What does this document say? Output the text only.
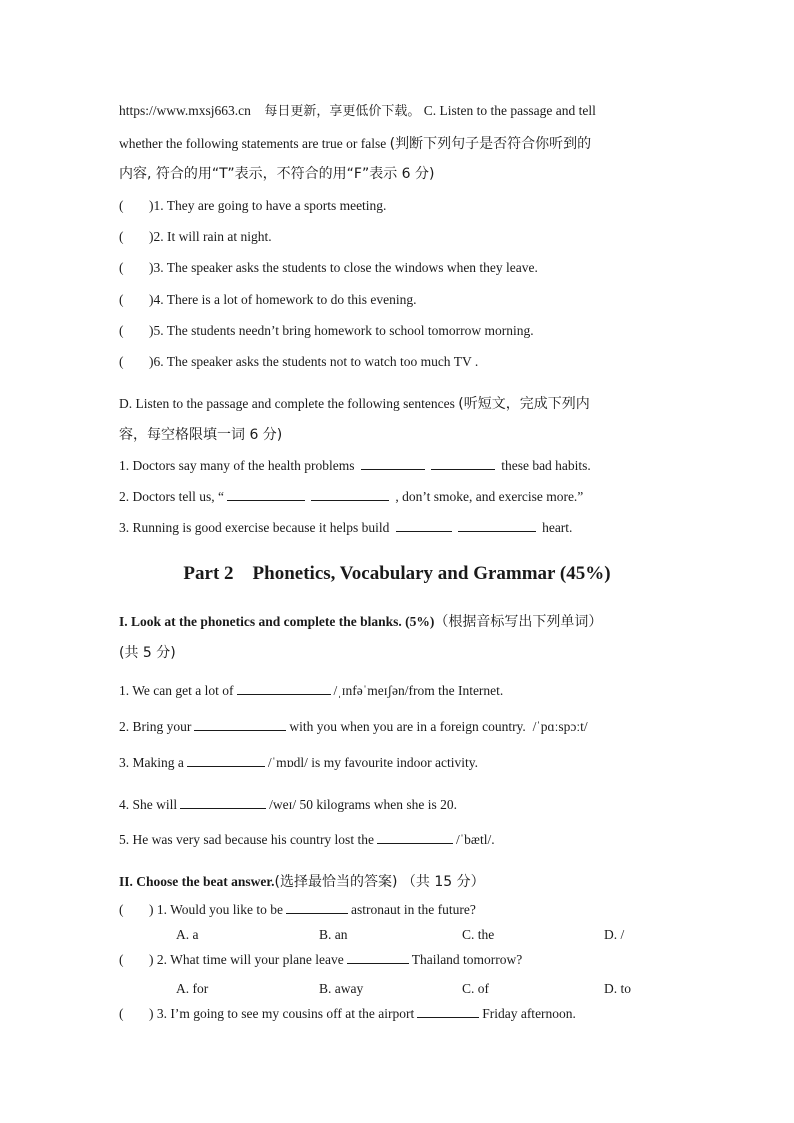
https://www.mxsj663.cn 每日更新，享更低价下载。 C. Listen to the passage and tell
whether the following statements are true or false (判断下列句子是否符合你听到的
内容, 符合的用“T”表示，不符合的用“F”表示 6 分)
( )1. They are going to have a sports meeting.
( )2. It will rain at night.
( )3. The speaker asks the students to close the windows when they leave.
( )4. There is a lot of homework to do this evening.
( )5. The students needn’t bring homework to school tomorrow morning.
( )6. The speaker asks the students not to watch too much TV .
D. Listen to the passage and complete the following sentences (听短文，完成下列内
容，每空格限填一词 6 分)
1. Doctors say many of the health problems	these bad habits.
2. Doctors tell us, “	, don’t smoke, and exercise more.”
3. Running is good exercise because it helps build	heart.
Part 2    Phonetics, Vocabulary and Grammar (45%)
I. Look at the phonetics and complete the blanks. (5%)（根据音标写出下列单词）
(共 5 分)
1. We can get a lot of	/ˌɪnfəˈmeɪʃən/from the Internet.
2. Bring your	with you when you are in a foreign country. /ˈpɑːspɔːt/
3. Making a	/ˈmɒdl/ is my favourite indoor activity.
4. She will	/weɪ/ 50 kilograms when she is 20.
5. He was very sad because his country lost the	/ˈbætl/.
II. Choose the beat answer.(选择最恰当的答案) （共 15 分）
( ) 1. Would you like to be	astronaut in the future?
A. a	B. an	C. the	D. /
( ) 2. What time will your plane leave	Thailand tomorrow?
A. for	B. away	C. of	D. to
( ) 3. I’m going to see my cousins off at the airport	Friday afternoon.
